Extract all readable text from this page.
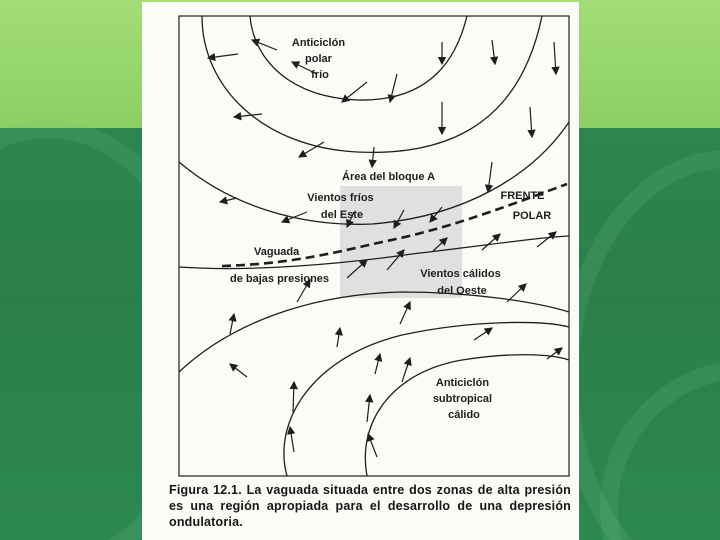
Anticiclón polar frío
Área del bloque A
Vientos fríos del Este
FRENTE POLAR
Vaguada de bajas presiones	Vientos cálidos del Oeste
Anticiclón subtropical cálido
Figura 12.1. La vaguada situada entre dos zonas de alta presión es una región apropiada para el desarrollo de una depresión ondulatoria.
